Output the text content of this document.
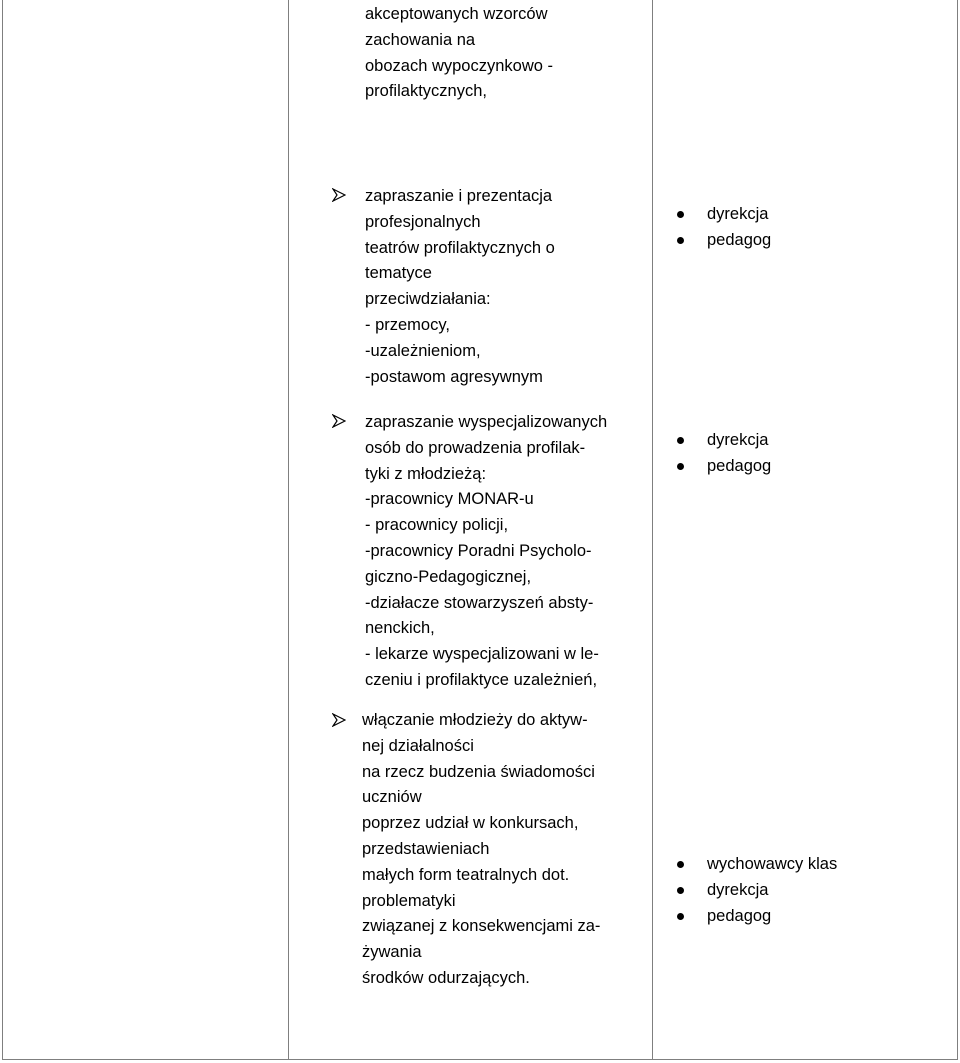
akceptowanych wzorców
zachowania na
obozach wypoczynkowo -
profilaktycznych,
zapraszanie i prezentacja
profesjonalnych
teatrów profilaktycznych o
tematyce
przeciwdziałania:
- przemocy,
-uzależnieniom,
-postawom agresywnym
dyrekcja
pedagog
zapraszanie wyspecjalizowanych
osób do prowadzenia profilak-
tyki z młodzieżą:
-pracownicy MONAR-u
- pracownicy policji,
-pracownicy Poradni Psycholo-
giczno-Pedagogicznej,
-działacze stowarzyszeń absty-
nenckich,
- lekarze wyspecjalizowani w le-
czeniu i profilaktyce uzależnień,
dyrekcja
pedagog
włączanie młodzieży do aktyw-
nej działalności
na rzecz budzenia świadomości
uczniów
poprzez udział w konkursach,
przedstawieniach
małych form teatralnych dot.
problematyki
związanej z konsekwencjami za-
żywania
środków odurzających.
wychowawcy klas
dyrekcja
pedagog
